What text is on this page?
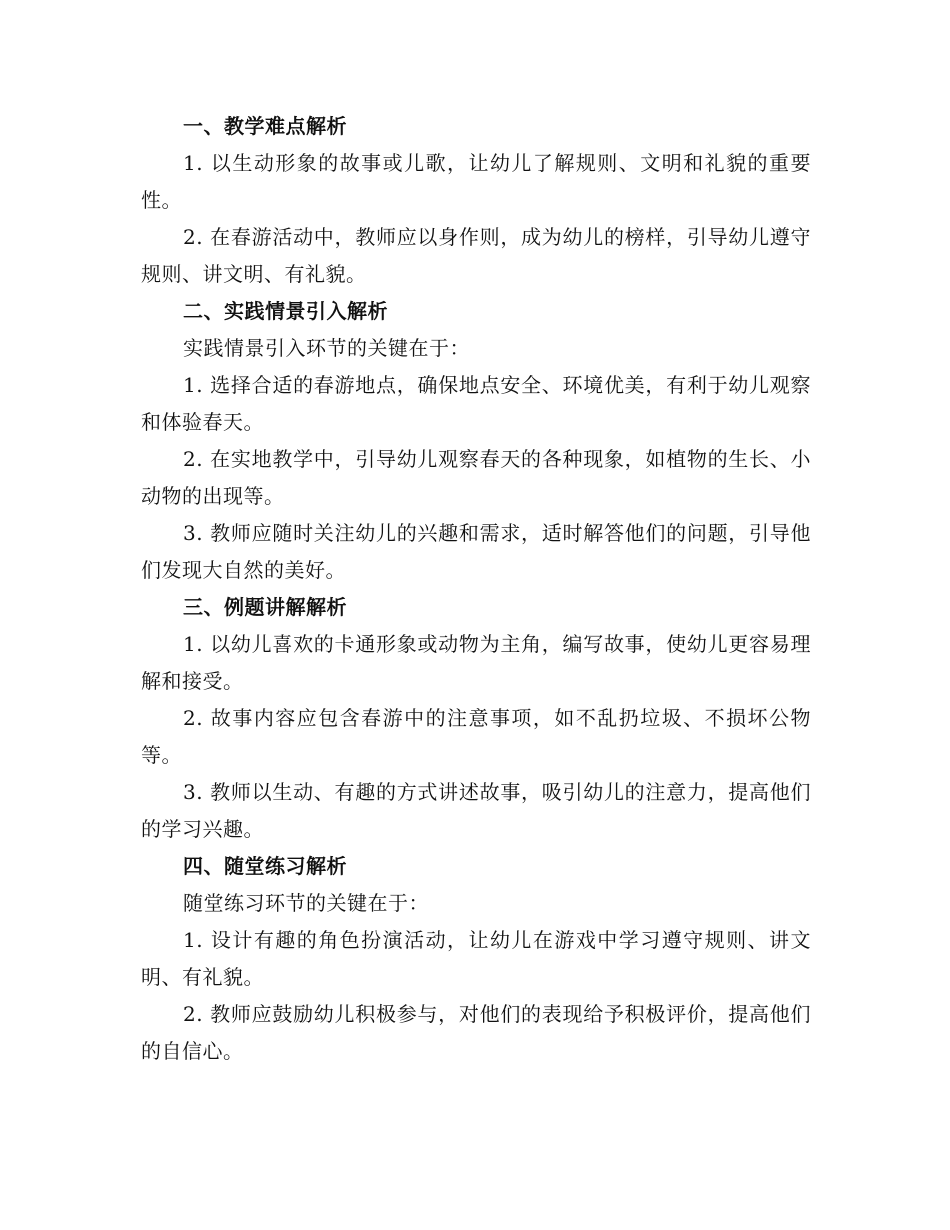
一、教学难点解析

1. 以生动形象的故事或儿歌，让幼儿了解规则、文明和礼貌的重要性。

2. 在春游活动中，教师应以身作则，成为幼儿的榜样，引导幼儿遵守规则、讲文明、有礼貌。

二、实践情景引入解析

实践情景引入环节的关键在于：

1. 选择合适的春游地点，确保地点安全、环境优美，有利于幼儿观察和体验春天。

2. 在实地教学中，引导幼儿观察春天的各种现象，如植物的生长、小动物的出现等。

3. 教师应随时关注幼儿的兴趣和需求，适时解答他们的问题，引导他们发现大自然的美好。

三、例题讲解解析

1. 以幼儿喜欢的卡通形象或动物为主角，编写故事，使幼儿更容易理解和接受。

2. 故事内容应包含春游中的注意事项，如不乱扔垃圾、不损坏公物等。

3. 教师以生动、有趣的方式讲述故事，吸引幼儿的注意力，提高他们的学习兴趣。

四、随堂练习解析

随堂练习环节的关键在于：

1. 设计有趣的角色扮演活动，让幼儿在游戏中学习遵守规则、讲文明、有礼貌。

2. 教师应鼓励幼儿积极参与，对他们的表现给予积极评价，提高他们的自信心。
